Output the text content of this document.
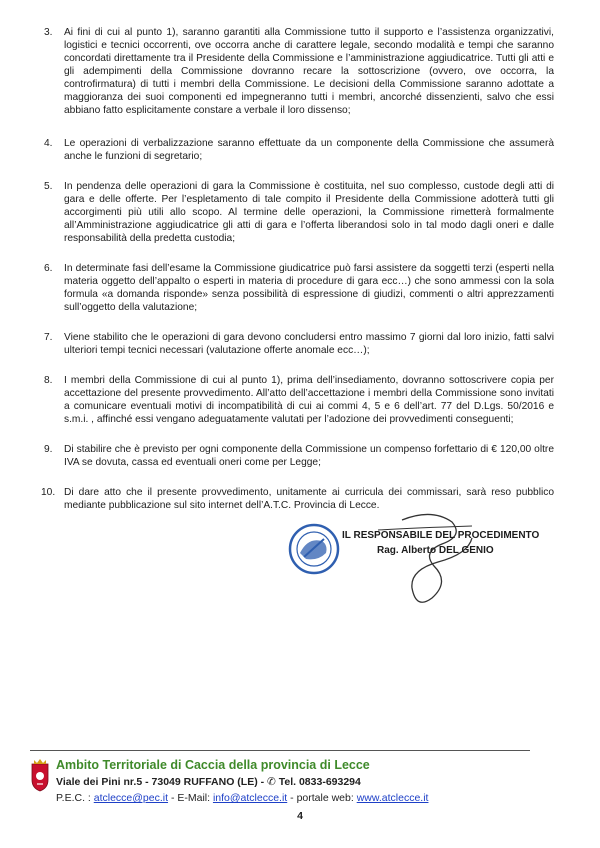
3.	Ai fini di cui al punto 1), saranno garantiti alla Commissione tutto il supporto e l’assistenza organizzativi, logistici e tecnici occorrenti, ove occorra anche di carattere legale, secondo modalità e tempi che saranno concordati direttamente tra il Presidente della Commissione e l’amministrazione aggiudicatrice. Tutti gli atti e gli adempimenti della Commissione dovranno recare la sottoscrizione (ovvero, ove occorra, la controfirmatura) di tutti i membri della Commissione. Le decisioni della Commissione saranno adottate a maggioranza dei suoi componenti ed impegneranno tutti i membri, ancorché dissenzienti, salvo che essi abbiano fatto esplicitamente constare a verbale il loro dissenso;
4.	Le operazioni di verbalizzazione saranno effettuate da un componente della Commissione che assumerà anche le funzioni di segretario;
5.	In pendenza delle operazioni di gara la Commissione è costituita, nel suo complesso, custode degli atti di gara e delle offerte. Per l’espletamento di tale compito il Presidente della Commissione adotterà tutti gli accorgimenti più utili allo scopo. Al termine delle operazioni, la Commissione rimetterà formalmente all’Amministrazione aggiudicatrice gli atti di gara e l’offerta liberandosi solo in tal modo dagli oneri e dalle responsabilità della predetta custodia;
6.	In determinate fasi dell’esame la Commissione giudicatrice può farsi assistere da soggetti terzi (esperti nella materia oggetto dell’appalto o esperti in materia di procedure di gara ecc…) che sono ammessi con la sola formula «a domanda risponde» senza possibilità di espressione di giudizi, commenti o altri apprezzamenti sull’oggetto della valutazione;
7.	Viene stabilito che le operazioni di gara devono concludersi entro massimo 7 giorni dal loro inizio, fatti salvi ulteriori tempi tecnici necessari (valutazione offerte anomale ecc…);
8.	I membri della Commissione di cui al punto 1), prima dell’insediamento, dovranno sottoscrivere copia per accettazione del presente provvedimento. All’atto dell’accettazione i membri della Commissione sono invitati a comunicare eventuali motivi di incompatibilità di cui ai commi 4, 5 e 6 dell’art. 77 del D.Lgs. 50/2016 e s.m.i. , affinché essi vengano adeguatamente valutati per l’adozione dei provvedimenti conseguenti;
9.	Di stabilire che è previsto per ogni componente della Commissione un compenso forfettario di € 120,00 oltre IVA se dovuta, cassa ed eventuali oneri come per Legge;
10. Di dare atto che il presente provvedimento, unitamente ai curricula dei commissari, sarà reso pubblico mediante pubblicazione sul sito internet dell’A.T.C. Provincia di Lecce.
IL RESPONSABILE DEL PROCEDIMENTO
Rag. Alberto DEL GENIO
Ambito Territoriale di Caccia della provincia di Lecce
Viale dei Pini nr.5 - 73049 RUFFANO (LE) - ✆ Tel. 0833-693294
P.E.C. : atclecce@pec.it - E-Mail: info@atclecce.it - portale web: www.atclecce.it
4
